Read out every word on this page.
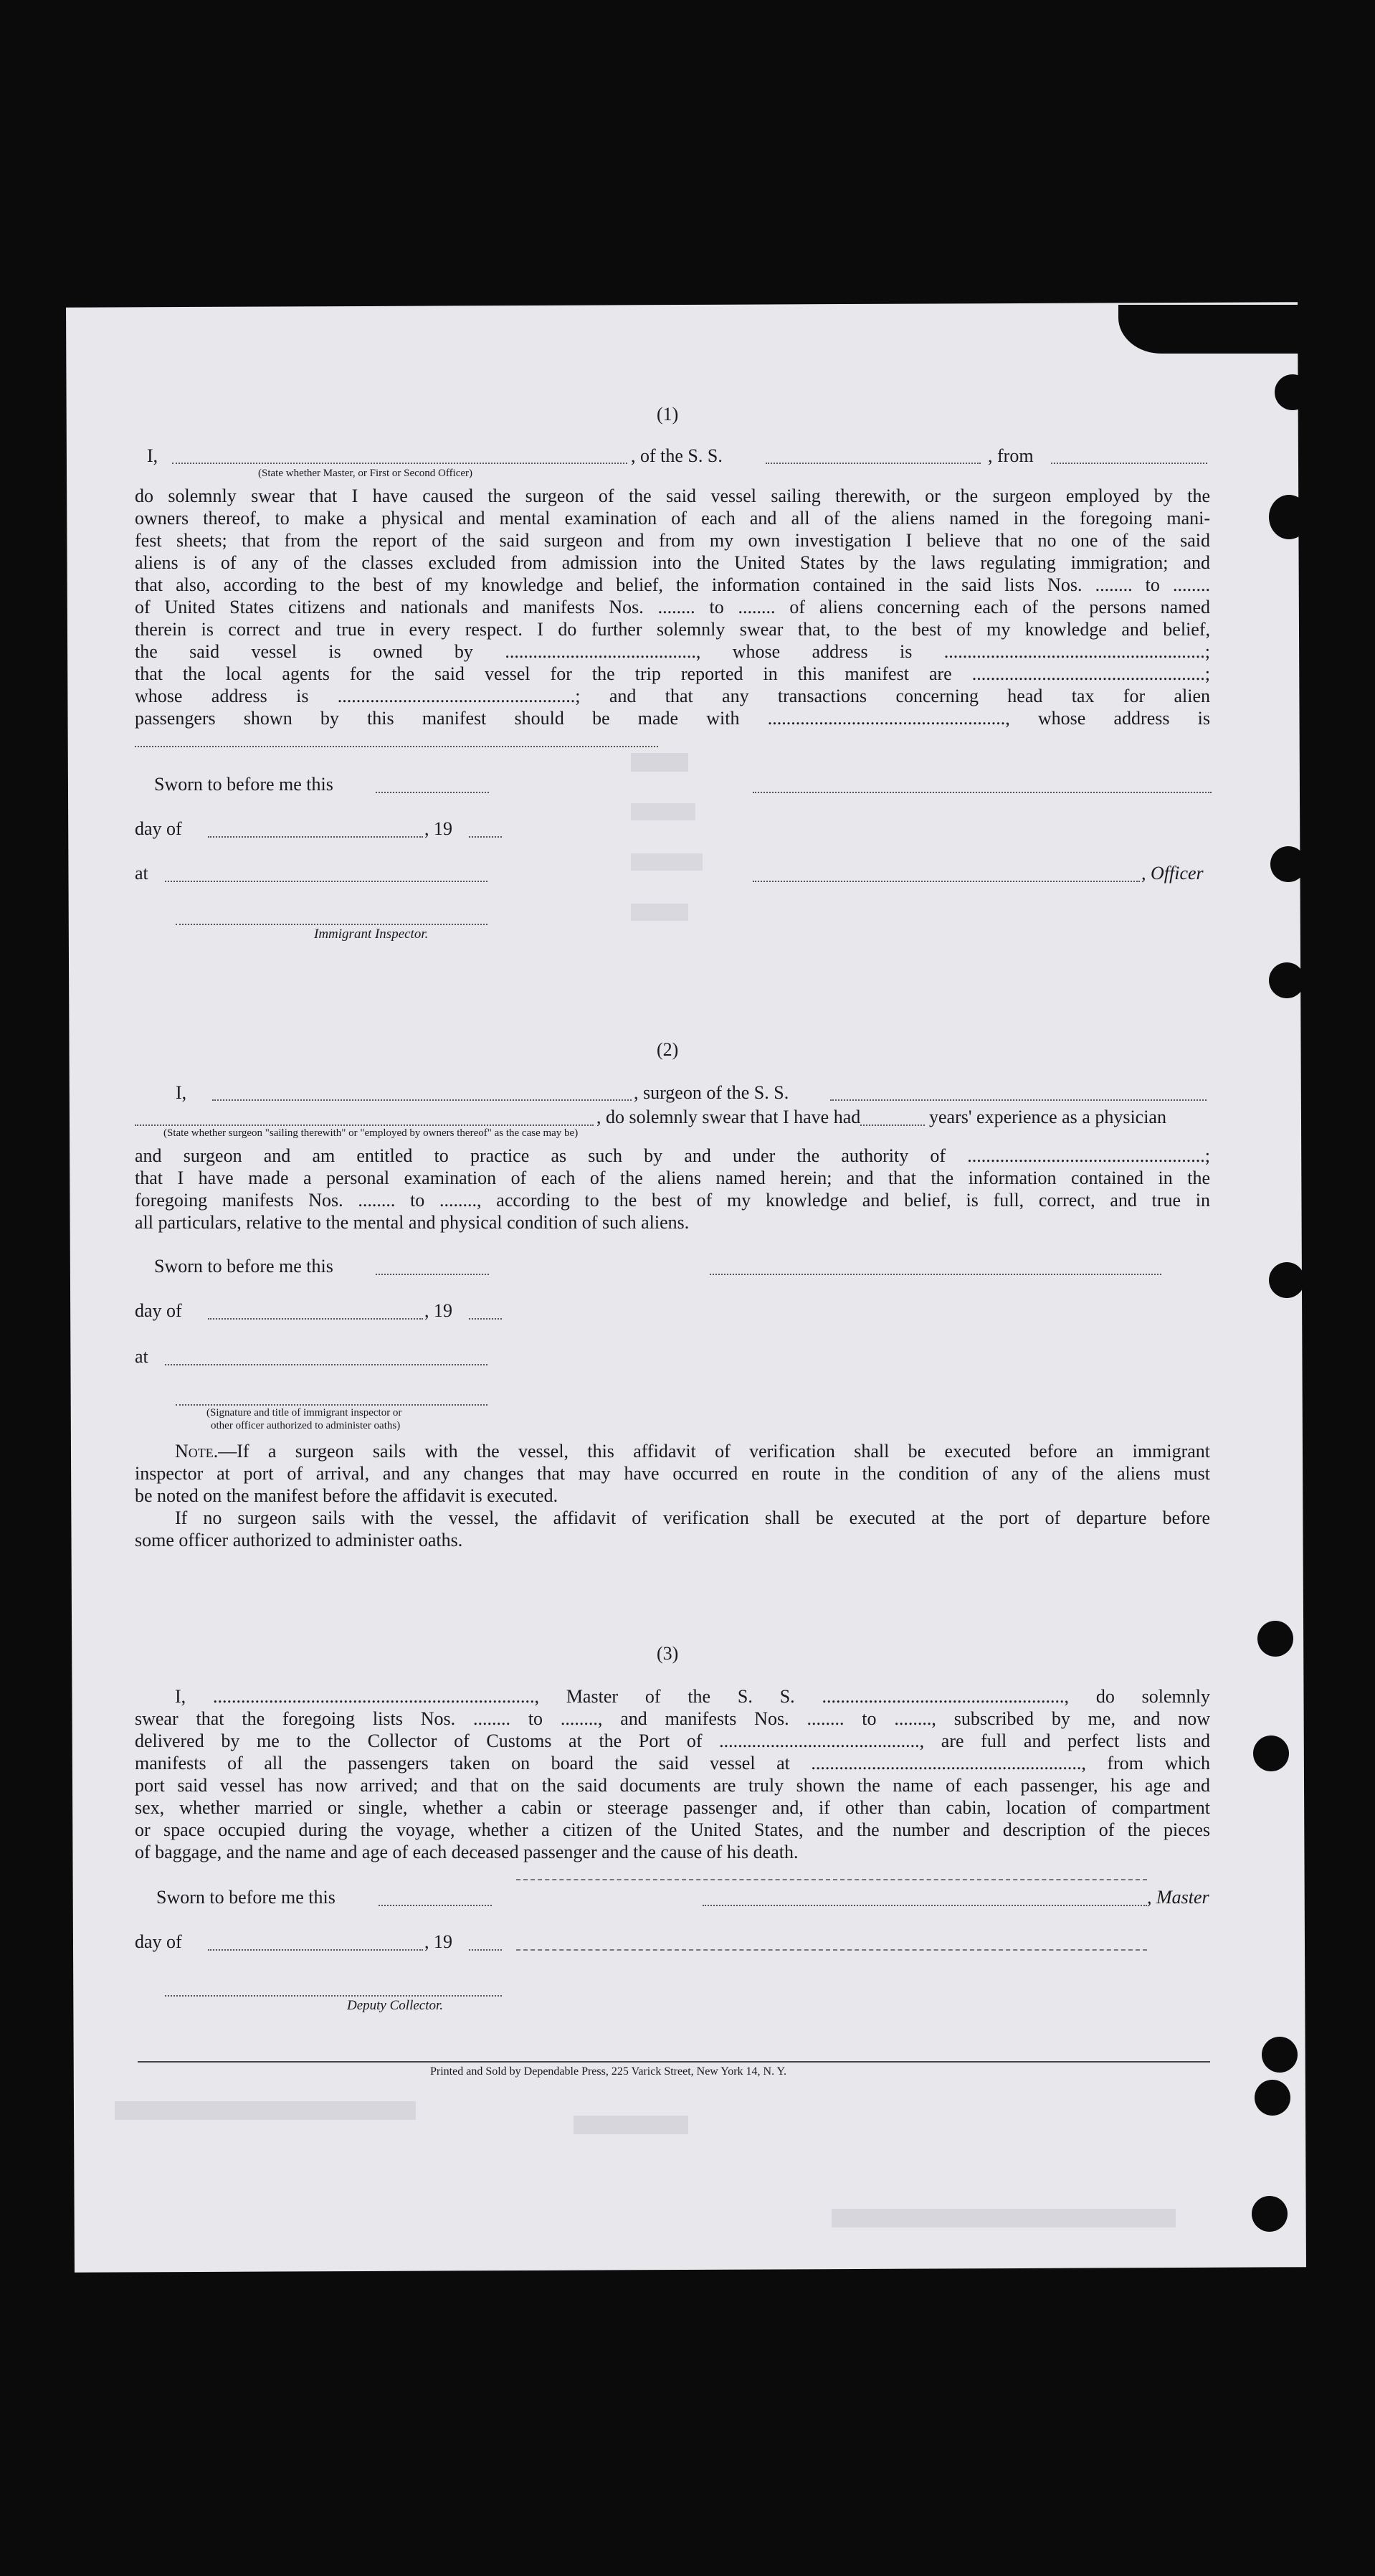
(1)
I,	, of the S. S.	, from
(State whether Master, or First or Second Officer)
do solemnly swear that I have caused the surgeon of the said vessel sailing therewith, or the surgeon employed by the
owners thereof, to make a physical and mental examination of each and all of the aliens named in the foregoing mani-
fest sheets; that from the report of the said surgeon and from my own investigation I believe that no one of the said
aliens is of any of the classes excluded from admission into the United States by the laws regulating immigration; and
that also, according to the best of my knowledge and belief, the information contained in the said lists Nos. ........ to ........
of United States citizens and nationals and manifests Nos. ........ to ........ of aliens concerning each of the persons named
therein is correct and true in every respect. I do further solemnly swear that, to the best of my knowledge and belief,
the said vessel is owned by ........................................., whose address is ........................................................;
that the local agents for the said vessel for the trip reported in this manifest are ..................................................;
whose address is ...................................................; and that any transactions concerning head tax for alien
passengers shown by this manifest should be made with ..................................................., whose address is
Sworn to before me this
day of	, 19
at	, Officer
Immigrant Inspector.
(2)
I,	, surgeon of the S. S.
, do solemnly swear that I have had	years' experience as a physician
(State whether surgeon "sailing therewith" or "employed by owners thereof" as the case may be)
and surgeon and am entitled to practice as such by and under the authority of ...................................................;
that I have made a personal examination of each of the aliens named herein; and that the information contained in the
foregoing manifests Nos. ........ to ........, according to the best of my knowledge and belief, is full, correct, and true in
all particulars, relative to the mental and physical condition of such aliens.
Sworn to before me this
day of	, 19
at
(Signature and title of immigrant inspector or
other officer authorized to administer oaths)
Note.—If a surgeon sails with the vessel, this affidavit of verification shall be executed before an immigrant
inspector at port of arrival, and any changes that may have occurred en route in the condition of any of the aliens must
be noted on the manifest before the affidavit is executed.
If no surgeon sails with the vessel, the affidavit of verification shall be executed at the port of departure before
some officer authorized to administer oaths.
(3)
I, ....................................................................., Master of the S. S. ...................................................., do solemnly
swear that the foregoing lists Nos. ........ to ........, and manifests Nos. ........ to ........, subscribed by me, and now
delivered by me to the Collector of Customs at the Port of ..........................................., are full and perfect lists and
manifests of all the passengers taken on board the said vessel at .........................................................., from which
port said vessel has now arrived; and that on the said documents are truly shown the name of each passenger, his age and
sex, whether married or single, whether a cabin or steerage passenger and, if other than cabin, location of compartment
or space occupied during the voyage, whether a citizen of the United States, and the number and description of the pieces
of baggage, and the name and age of each deceased passenger and the cause of his death.
Sworn to before me this	, Master
day of	, 19
Deputy Collector.
Printed and Sold by Dependable Press, 225 Varick Street, New York 14, N. Y.
